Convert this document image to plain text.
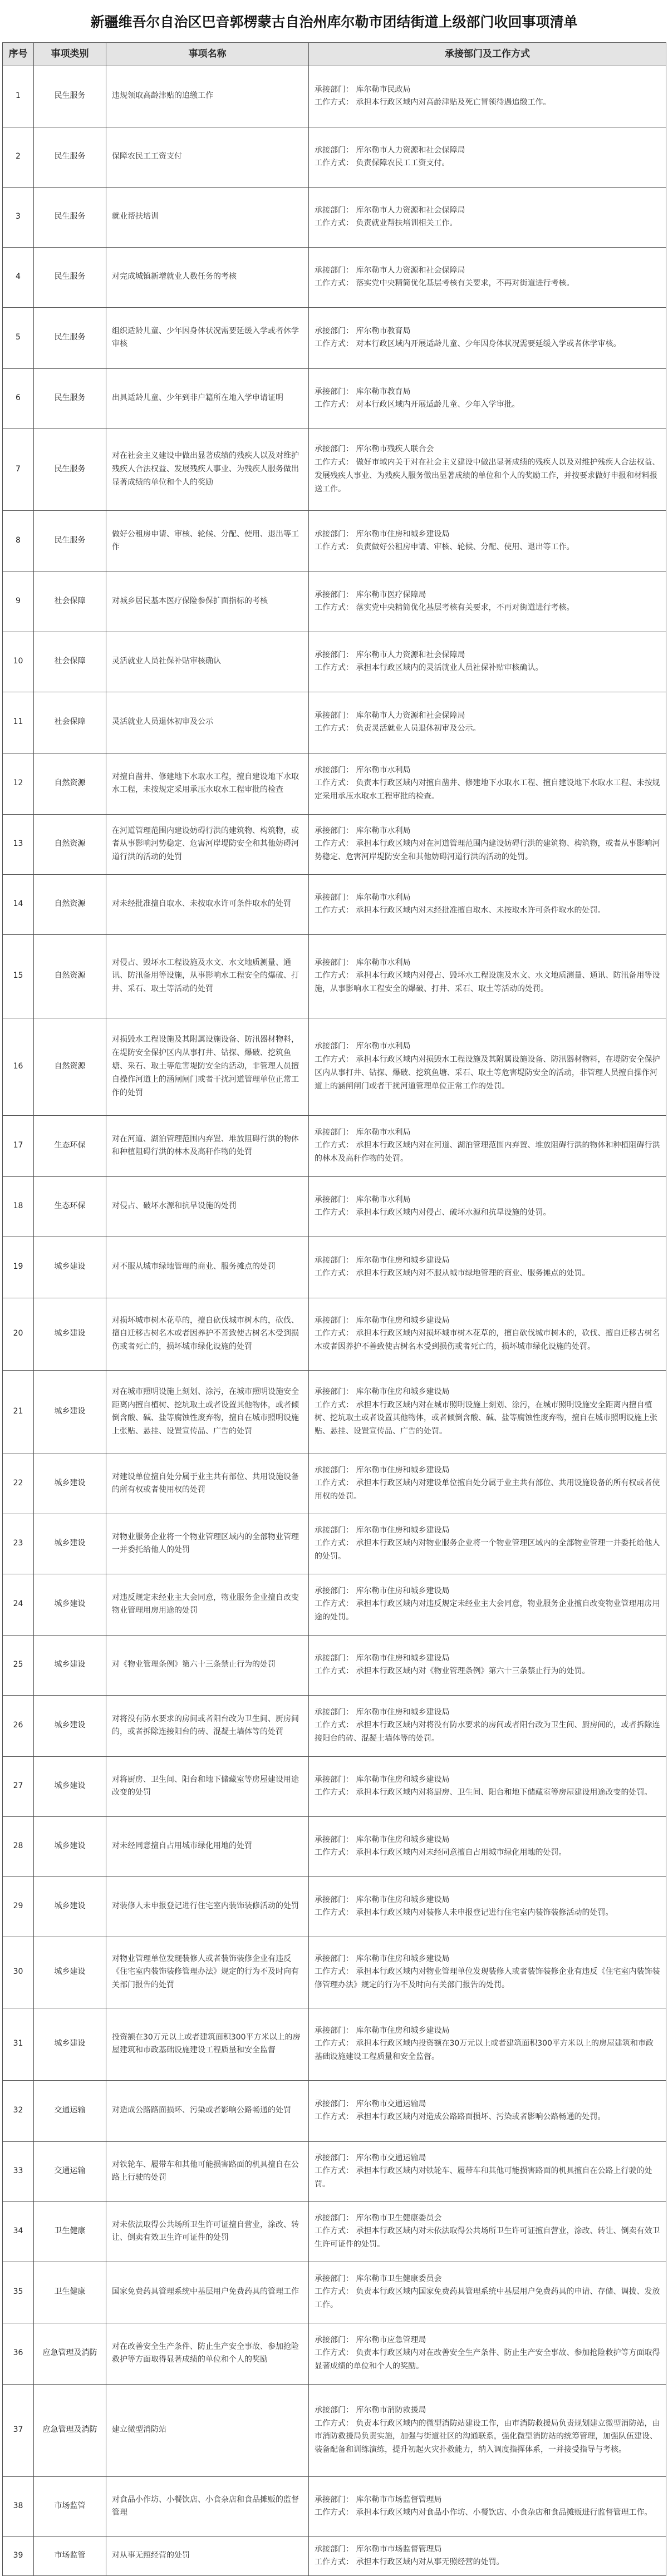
新疆维吾尔自治区巴音郭楞蒙古自治州库尔勒市团结街道上级部门收回事项清单
序号	事项类别	事项名称	承接部门及工作方式
1	民生服务	违规领取高龄津贴的追缴工作	承接部门： 库尔勒市民政局
工作方式： 承担本行政区域内对高龄津贴及死亡冒领待遇追缴工作。

2	民生服务	保障农民工工资支付	承接部门： 库尔勒市人力资源和社会保障局
工作方式： 负责保障农民工工资支付。

3	民生服务	就业帮扶培训	承接部门： 库尔勒市人力资源和社会保障局
工作方式： 负责就业帮扶培训相关工作。

4	民生服务	对完成城镇新增就业人数任务的考核	承接部门： 库尔勒市人力资源和社会保障局
工作方式： 落实党中央精简优化基层考核有关要求，不再对街道进行考核。

5	民生服务	组织适龄儿童、少年因身体状况需要延缓入学或者休学审核	承接部门： 库尔勒市教育局
工作方式： 对本行政区域内开展适龄儿童、少年因身体状况需要延缓入学或者休学审核。

6	民生服务	出具适龄儿童、少年到非户籍所在地入学申请证明	承接部门： 库尔勒市教育局
工作方式： 对本行政区域内开展适龄儿童、少年入学审批。

7	民生服务	对在社会主义建设中做出显著成绩的残疾人以及对维护残疾人合法权益、发展残疾人事业、为残疾人服务做出显著成绩的单位和个人的奖励	承接部门： 库尔勒市残疾人联合会
工作方式： 做好市域内关于对在社会主义建设中做出显著成绩的残疾人以及对维护残疾人合法权益、发展残疾人事业、为残疾人服务做出显著成绩的单位和个人的奖励工作，并按要求做好申报和材料报送工作。

8	民生服务	做好公租房申请、审核、轮候、分配、使用、退出等工作	承接部门： 库尔勒市住房和城乡建设局
工作方式： 负责做好公租房申请、审核、轮候、分配、使用、退出等工作。

9	社会保障	对城乡居民基本医疗保险参保扩面指标的考核	承接部门： 库尔勒市医疗保障局
工作方式： 落实党中央精简优化基层考核有关要求，不再对街道进行考核。

10	社会保障	灵活就业人员社保补贴审核确认	承接部门： 库尔勒市人力资源和社会保障局
工作方式： 承担本行政区域内的灵活就业人员社保补贴审核确认。

11	社会保障	灵活就业人员退休初审及公示	承接部门： 库尔勒市人力资源和社会保障局
工作方式： 负责灵活就业人员退休初审及公示。

12	自然资源	对擅自凿井、修建地下水取水工程，擅自建设地下水取水工程，未按规定采用承压水取水工程审批的检查	承接部门： 库尔勒市水利局
工作方式： 负责本行政区域内对擅自凿井、修建地下水取水工程、擅自建设地下水取水工程、未按规定采用承压水取水工程审批的检查。

13	自然资源	在河道管理范围内建设妨碍行洪的建筑物、构筑物，或者从事影响河势稳定、危害河岸堤防安全和其他妨碍河道行洪的活动的处罚	承接部门： 库尔勒市水利局
工作方式： 承担本行政区域内对在河道管理范围内建设妨碍行洪的建筑物、构筑物，或者从事影响河势稳定、危害河岸堤防安全和其他妨碍河道行洪的活动的处罚。

14	自然资源	对未经批准擅自取水、未按取水许可条件取水的处罚	承接部门： 库尔勒市水利局
工作方式： 承担本行政区域内对未经批准擅自取水、未按取水许可条件取水的处罚。

15	自然资源	对侵占、毁坏水工程设施及水文、水文地质测量、通讯、防汛备用等设施，从事影响水工程安全的爆破、打井、采石、取土等活动的处罚	承接部门： 库尔勒市水利局
工作方式： 承担本行政区域内对侵占、毁坏水工程设施及水文、水文地质测量、通讯、防汛备用等设施，从事影响水工程安全的爆破、打井、采石、取土等活动的处罚。

16	自然资源	对损毁水工程设施及其附属设施设备、防汛器材物料，在堤防安全保护区内从事打井、钻探、爆破、挖筑鱼塘、采石、取土等危害堤防安全的活动，非管理人员擅自操作河道上的涵闸闸门或者干扰河道管理单位正常工作的处罚	承接部门： 库尔勒市水利局
工作方式： 承担本行政区域内对损毁水工程设施及其附属设施设备、防汛器材物料，在堤防安全保护区内从事打井、钻探、爆破、挖筑鱼塘、采石、取土等危害堤防安全的活动，非管理人员擅自操作河道上的涵闸闸门或者干扰河道管理单位正常工作的处罚。

17	生态环保	对在河道、湖泊管理范围内弃置、堆放阻碍行洪的物体和种植阻碍行洪的林木及高秆作物的处罚	承接部门： 库尔勒市水利局
工作方式： 承担本行政区域内对在河道、湖泊管理范围内弃置、堆放阻碍行洪的物体和种植阻碍行洪的林木及高秆作物的处罚。

18	生态环保	对侵占、破坏水源和抗旱设施的处罚	承接部门： 库尔勒市水利局
工作方式： 承担本行政区域内对侵占、破坏水源和抗旱设施的处罚。

19	城乡建设	对不服从城市绿地管理的商业、服务摊点的处罚	承接部门： 库尔勒市住房和城乡建设局
工作方式： 承担本行政区域内对不服从城市绿地管理的商业、服务摊点的处罚。

20	城乡建设	对损坏城市树木花草的，擅自砍伐城市树木的，砍伐、擅自迁移古树名木或者因养护不善致使古树名木受到损伤或者死亡的，损坏城市绿化设施的处罚	承接部门： 库尔勒市住房和城乡建设局
工作方式： 承担本行政区域内对损坏城市树木花草的，擅自砍伐城市树木的，砍伐、擅自迁移古树名木或者因养护不善致使古树名木受到损伤或者死亡的，损坏城市绿化设施的处罚。

21	城乡建设	对在城市照明设施上刻划、涂污，在城市照明设施安全距离内擅自植树、挖坑取土或者设置其他物体，或者倾倒含酸、碱、盐等腐蚀性废弃物，擅自在城市照明设施上张贴、悬挂、设置宣传品、广告的处罚	承接部门： 库尔勒市住房和城乡建设局
工作方式： 承担本行政区域内对在城市照明设施上刻划、涂污，在城市照明设施安全距离内擅自植树、挖坑取土或者设置其他物体，或者倾倒含酸、碱、盐等腐蚀性废弃物，擅自在城市照明设施上张贴、悬挂、设置宣传品、广告的处罚。

22	城乡建设	对建设单位擅自处分属于业主共有部位、共用设施设备的所有权或者使用权的处罚	承接部门： 库尔勒市住房和城乡建设局
工作方式： 承担本行政区域内对建设单位擅自处分属于业主共有部位、共用设施设备的所有权或者使用权的处罚。

23	城乡建设	对物业服务企业将一个物业管理区域内的全部物业管理一并委托给他人的处罚	承接部门： 库尔勒市住房和城乡建设局
工作方式： 承担本行政区域内对物业服务企业将一个物业管理区域内的全部物业管理一并委托给他人的处罚。

24	城乡建设	对违反规定未经业主大会同意，物业服务企业擅自改变物业管理用房用途的处罚	承接部门： 库尔勒市住房和城乡建设局
工作方式： 承担本行政区域内对违反规定未经业主大会同意，物业服务企业擅自改变物业管理用房用途的处罚。

25	城乡建设	对《物业管理条例》第六十三条禁止行为的处罚	承接部门： 库尔勒市住房和城乡建设局
工作方式： 承担本行政区域内对《物业管理条例》第六十三条禁止行为的处罚。

26	城乡建设	对将没有防水要求的房间或者阳台改为卫生间、厨房间的，或者拆除连接阳台的砖、混凝土墙体等的处罚	承接部门： 库尔勒市住房和城乡建设局
工作方式： 承担本行政区域内对将没有防水要求的房间或者阳台改为卫生间、厨房间的，或者拆除连接阳台的砖、混凝土墙体等的处罚。

27	城乡建设	对将厨房、卫生间、阳台和地下储藏室等房屋建设用途改变的处罚	承接部门： 库尔勒市住房和城乡建设局
工作方式： 承担本行政区域内对将厨房、卫生间、阳台和地下储藏室等房屋建设用途改变的处罚。

28	城乡建设	对未经同意擅自占用城市绿化用地的处罚	承接部门： 库尔勒市住房和城乡建设局
工作方式： 承担本行政区域内对未经同意擅自占用城市绿化用地的处罚。

29	城乡建设	对装修人未申报登记进行住宅室内装饰装修活动的处罚	承接部门： 库尔勒市住房和城乡建设局
工作方式： 承担本行政区域内对装修人未申报登记进行住宅室内装饰装修活动的处罚。

30	城乡建设	对物业管理单位发现装修人或者装饰装修企业有违反《住宅室内装饰装修管理办法》规定的行为不及时向有关部门报告的处罚	承接部门： 库尔勒市住房和城乡建设局
工作方式： 承担本行政区域内对物业管理单位发现装修人或者装饰装修企业有违反《住宅室内装饰装修管理办法》规定的行为不及时向有关部门报告的处罚。

31	城乡建设	投资额在30万元以上或者建筑面积300平方米以上的房屋建筑和市政基础设施建设工程质量和安全监督	承接部门： 库尔勒市住房和城乡建设局
工作方式： 承担本行政区域内投资额在30万元以上或者建筑面积300平方米以上的房屋建筑和市政基础设施建设工程质量和安全监督。

32	交通运输	对造成公路路面损坏、污染或者影响公路畅通的处罚	承接部门： 库尔勒市交通运输局
工作方式： 承担本行政区域内对造成公路路面损坏、污染或者影响公路畅通的处罚。

33	交通运输	对铁轮车、履带车和其他可能损害路面的机具擅自在公路上行驶的处罚	承接部门： 库尔勒市交通运输局
工作方式： 承担本行政区域内对铁轮车、履带车和其他可能损害路面的机具擅自在公路上行驶的处罚。

34	卫生健康	对未依法取得公共场所卫生许可证擅自营业，涂改、转让、倒卖有效卫生许可证件的处罚	承接部门： 库尔勒市卫生健康委员会
工作方式： 承担本行政区域内对未依法取得公共场所卫生许可证擅自营业，涂改、转让、倒卖有效卫生许可证件的处罚。

35	卫生健康	国家免费药具管理系统中基层用户免费药具的管理工作	承接部门： 库尔勒市卫生健康委员会
工作方式： 负责本行政区域内国家免费药具管理系统中基层用户免费药具的申请、存储、调拨、发放工作。

36	应急管理及消防	对在改善安全生产条件、防止生产安全事故、参加抢险救护等方面取得显著成绩的单位和个人的奖励	承接部门： 库尔勒市应急管理局
工作方式： 负责本行政区域内对在改善安全生产条件、防止生产安全事故、参加抢险救护等方面取得显著成绩的单位和个人的奖励。

37	应急管理及消防	建立微型消防站	承接部门： 库尔勒市消防救援局
工作方式： 负责本行政区域内的微型消防站建设工作，由市消防救援局负责规划建立微型消防站，由市消防救援局负责实施，加强与街道社区的沟通联系，强化微型消防站的统筹管理，加强队伍建设、装备配备和训练演练，提升初起火灾扑救能力，纳入调度指挥体系，一并接受指导与考核。

38	市场监管	对食品小作坊、小餐饮店、小食杂店和食品摊贩的监督管理	承接部门： 库尔勒市市场监督管理局
工作方式： 承担本行政区域内对食品小作坊、小餐饮店、小食杂店和食品摊贩进行监督管理工作。

39	市场监管	对从事无照经营的处罚	承接部门： 库尔勒市市场监督管理局
工作方式： 承担本行政区域内对从事无照经营的处罚。
